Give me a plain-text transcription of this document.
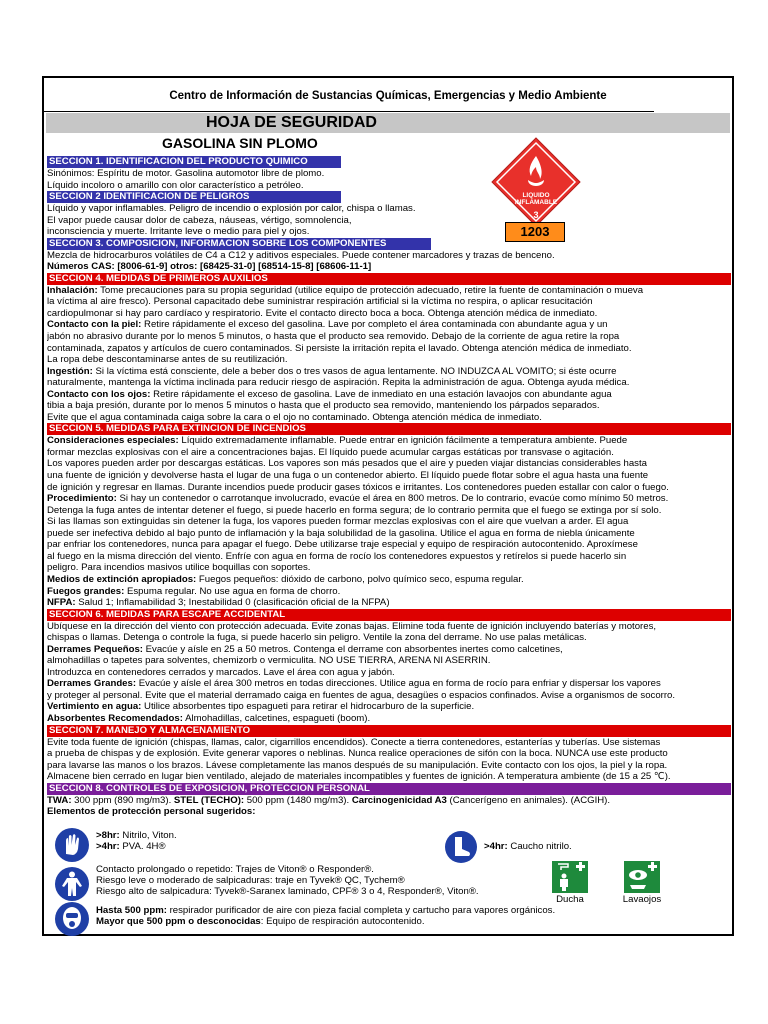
Centro de Información de Sustancias Químicas, Emergencias y Medio Ambiente
HOJA DE SEGURIDAD
GASOLINA SIN PLOMO
LIQUIDO
INFLAMABLE
3
1203
SECCION 1. IDENTIFICACION DEL PRODUCTO QUIMICO
Sinónimos: Espíritu de motor. Gasolina automotor libre de plomo.
Líquido incoloro o amarillo con olor característico a petróleo.
SECCION 2 IDENTIFICACION DE PELIGROS
Líquido y vapor inflamables. Peligro de incendio o explosión por calor, chispa o llamas.
El vapor puede causar dolor de cabeza, náuseas, vértigo, somnolencia,
inconsciencia y muerte. Irritante leve o medio para piel y ojos.
SECCION 3. COMPOSICION, INFORMACION SOBRE LOS COMPONENTES
Mezcla de hidrocarburos volátiles de C4 a C12 y aditivos especiales. Puede contener marcadores y trazas de benceno.
Números CAS: [8006-61-9] otros: [68425-31-0] [68514-15-8] [68606-11-1]
SECCION 4. MEDIDAS DE PRIMEROS AUXILIOS
Inhalación: Tome precauciones para su propia seguridad (utilice equipo de protección adecuado, retire la fuente de contaminación o mueva
la víctima al aire fresco). Personal capacitado debe suministrar respiración artificial si la víctima no respira, o aplicar resucitación
cardiopulmonar si hay paro cardíaco y respiratorio. Evite el contacto directo boca a boca. Obtenga atención médica de inmediato.
Contacto con la piel: Retire rápidamente el exceso del gasolina. Lave por completo el área contaminada con abundante agua y un
jabón no abrasivo durante por lo menos 5 minutos, o hasta que el producto sea removido. Debajo de la corriente de agua retire la ropa
contaminada, zapatos y artículos de cuero contaminados. Si persiste la irritación repita el lavado. Obtenga atención médica de inmediato.
La ropa debe descontaminarse antes de su reutilización.
Ingestión: Si la víctima está consciente, dele a beber dos o tres vasos de agua lentamente. NO INDUZCA AL VOMITO; si éste ocurre
naturalmente, mantenga la víctima inclinada para reducir riesgo de aspiración. Repita la administración de agua. Obtenga ayuda médica.
Contacto con los ojos: Retire rápidamente el exceso de gasolina. Lave de inmediato en una estación lavaojos con abundante agua
tibia a baja presión, durante por lo menos 5 minutos o hasta que el producto sea removido, manteniendo los párpados separados.
Evite que el agua contaminada caiga sobre la cara o el ojo no contaminado. Obtenga atención médica de inmediato.
SECCION 5. MEDIDAS PARA EXTINCION DE INCENDIOS
Consideraciones especiales: Líquido extremadamente inflamable. Puede entrar en ignición fácilmente a temperatura ambiente. Puede
formar mezclas explosivas con el aire a concentraciones bajas. El líquido puede acumular cargas estáticas por transvase o agitación.
Los vapores pueden arder por descargas estáticas. Los vapores son más pesados que el aire y pueden viajar distancias considerables hasta
una fuente de ignición y devolverse hasta el lugar de una fuga o un contenedor abierto. El líquido puede flotar sobre el agua hasta una fuente
de ignición y regresar en llamas. Durante incendios puede producir gases tóxicos e irritantes. Los contenedores pueden estallar con calor o fuego.
Procedimiento: Si hay un contenedor o carrotanque involucrado, evacúe el área en 800 metros. De lo contrario, evacúe como mínimo 50 metros.
Detenga la fuga antes de intentar detener el fuego, si puede hacerlo en forma segura; de lo contrario permita que el fuego se extinga por sí solo.
Si las llamas son extinguidas sin detener la fuga, los vapores pueden formar mezclas explosivas con el aire que vuelvan a arder. El agua
puede ser inefectiva debido al bajo punto de inflamación y la baja solubilidad de la gasolina. Utilice el agua en forma de niebla únicamente
par enfriar los contenedores, nunca para apagar el fuego. Debe utilizarse traje especial y equipo de respiración autocontenido. Aproxímese
al fuego en la misma dirección del viento. Enfríe con agua en forma de rocío los contenedores expuestos y retírelos si puede hacerlo sin
peligro. Para incendios masivos utilice boquillas con soportes.
Medios de extinción apropiados: Fuegos pequeños: dióxido de carbono, polvo químico seco, espuma regular.
Fuegos grandes: Espuma regular. No use agua en forma de chorro.
NFPA: Salud 1; Inflamabilidad 3; Inestabilidad 0 (clasificación oficial de la NFPA)
SECCION 6. MEDIDAS PARA ESCAPE ACCIDENTAL
Ubíquese en la dirección del viento con protección adecuada. Evite zonas bajas. Elimine toda fuente de ignición incluyendo baterías y motores,
chispas o llamas. Detenga o controle la fuga, si puede hacerlo sin peligro. Ventile la zona del derrame. No use palas metálicas.
Derrames Pequeños: Evacúe y aísle en 25 a 50 metros. Contenga el derrame con absorbentes inertes como calcetines,
almohadillas o tapetes para solventes, chemizorb o vermiculita. NO USE TIERRA, ARENA NI ASERRIN.
Introduzca en contenedores cerrados y marcados. Lave el área con agua y jabón.
Derrames Grandes: Evacúe y aísle el área 300 metros en todas direcciones. Utilice agua en forma de rocío para enfriar y dispersar los vapores
y proteger al personal. Evite que el material derramado caiga en fuentes de agua, desagües o espacios confinados. Avise a organismos de socorro.
Vertimiento en agua: Utilice absorbentes tipo espagueti para retirar el hidrocarburo de la superficie.
Absorbentes Recomendados: Almohadillas, calcetines, espagueti (boom).
SECCION 7. MANEJO Y ALMACENAMIENTO
Evite toda fuente de ignición (chispas, llamas, calor, cigarrillos encendidos). Conecte a tierra contenedores, estanterías y tuberías. Use sistemas
a prueba de chispas y de explosión. Evite generar vapores o neblinas. Nunca realice operaciones de sifón con la boca. NUNCA use este producto
para lavarse las manos o los brazos. Lávese completamente las manos después de su manipulación. Evite contacto con los ojos, la piel y la ropa.
Almacene bien cerrado en lugar bien ventilado, alejado de materiales incompatibles y fuentes de ignición. A temperatura ambiente (de 15 a 25 ℃).
SECCION 8. CONTROLES DE EXPOSICION, PROTECCION PERSONAL
TWA: 300 ppm (890 mg/m3). STEL (TECHO): 500 ppm (1480 mg/m3). Carcinogenicidad A3 (Cancerígeno en animales). (ACGIH).
Elementos de protección personal sugeridos:
>8hr: Nitrilo, Viton.
>4hr: PVA. 4H®	>4hr: Caucho nitrilo.
Contacto prolongado o repetido: Trajes de Viton® o Responder®.
Riesgo leve o moderado de salpicaduras: traje en Tyvek® QC, Tychem®
Riesgo alto de salpicadura: Tyvek®-Saranex laminado, CPF® 3 o 4, Responder®, Viton®.
Hasta 500 ppm: respirador purificador de aire con pieza facial completa y cartucho para vapores orgánicos.
Mayor que 500 ppm o desconocidas: Equipo de respiración autocontenido.
Ducha	Lavaojos
